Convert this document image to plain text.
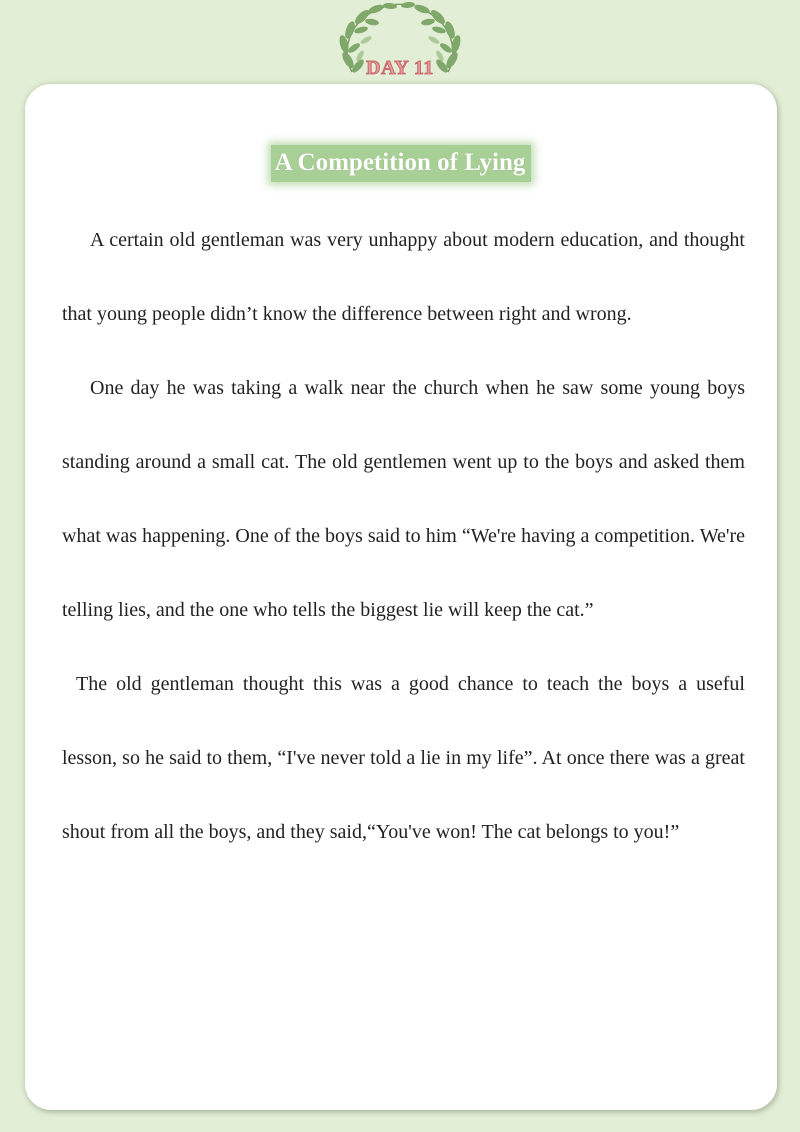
DAY 11
A Competition of Lying

A certain old gentleman was very unhappy about modern education, and thought that young people didn’t know the difference between right and wrong.

One day he was taking a walk near the church when he saw some young boys standing around a small cat. The old gentlemen went up to the boys and asked them what was happening. One of the boys said to him “We're having a competition. We're telling lies, and the one who tells the biggest lie will keep the cat.”

The old gentleman thought this was a good chance to teach the boys a useful lesson, so he said to them, “I've never told a lie in my life”. At once there was a great shout from all the boys, and they said,“You've won! The cat belongs to you!”
